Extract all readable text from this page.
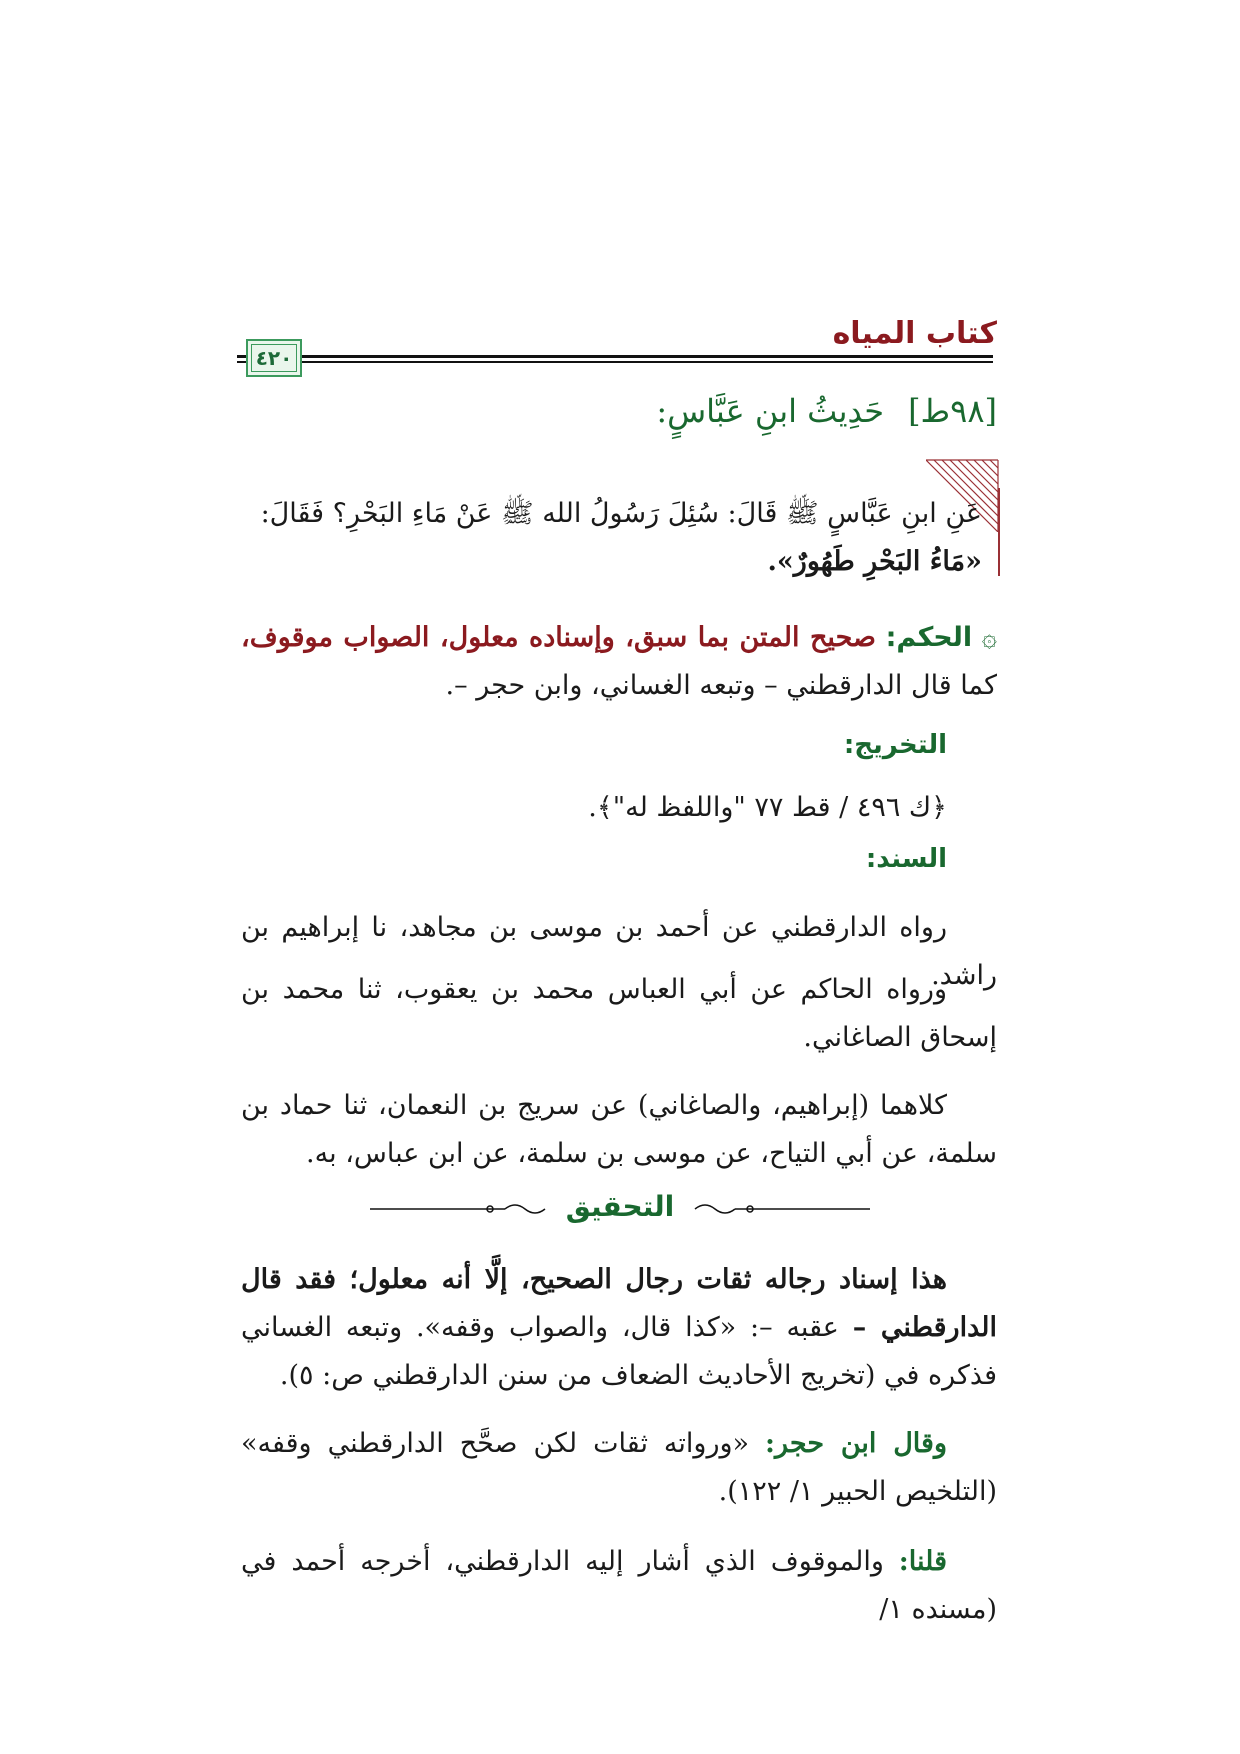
كتاب المياه
٤٢٠
[٩٨ط]حَدِيثُ ابنِ عَبَّاسٍ:
عَنِ ابنِ عَبَّاسٍ ﷺ قَالَ: سُئِلَ رَسُولُ الله ﷺ عَنْ مَاءِ البَحْرِ؟ فَقَالَ:
«مَاءُ البَحْرِ طَهُورٌ».
۞ الحكم: صحيح المتن بما سبق، وإسناده معلول، الصواب موقوف، كما قال الدارقطني – وتبعه الغساني، وابن حجر –.
التخريج:
﴿ك ٤٩٦ / قط ٧٧ "واللفظ له"﴾.
السند:
رواه الدارقطني عن أحمد بن موسى بن مجاهد، نا إبراهيم بن راشد.
ورواه الحاكم عن أبي العباس محمد بن يعقوب، ثنا محمد بن إسحاق الصاغاني.
كلاهما (إبراهيم، والصاغاني) عن سريج بن النعمان، ثنا حماد بن سلمة، عن أبي التياح، عن موسى بن سلمة، عن ابن عباس، به.
التحقيق
هذا إسناد رجاله ثقات رجال الصحيح، إلَّا أنه معلول؛ فقد قال الدارقطني – عقبه –: «كذا قال، والصواب وقفه». وتبعه الغساني فذكره في (تخريج الأحاديث الضعاف من سنن الدارقطني ص: ٥).
وقال ابن حجر: «ورواته ثقات لكن صحَّح الدارقطني وقفه» (التلخيص الحبير ١/ ١٢٢).
قلنا: والموقوف الذي أشار إليه الدارقطني، أخرجه أحمد في (مسنده ١/
